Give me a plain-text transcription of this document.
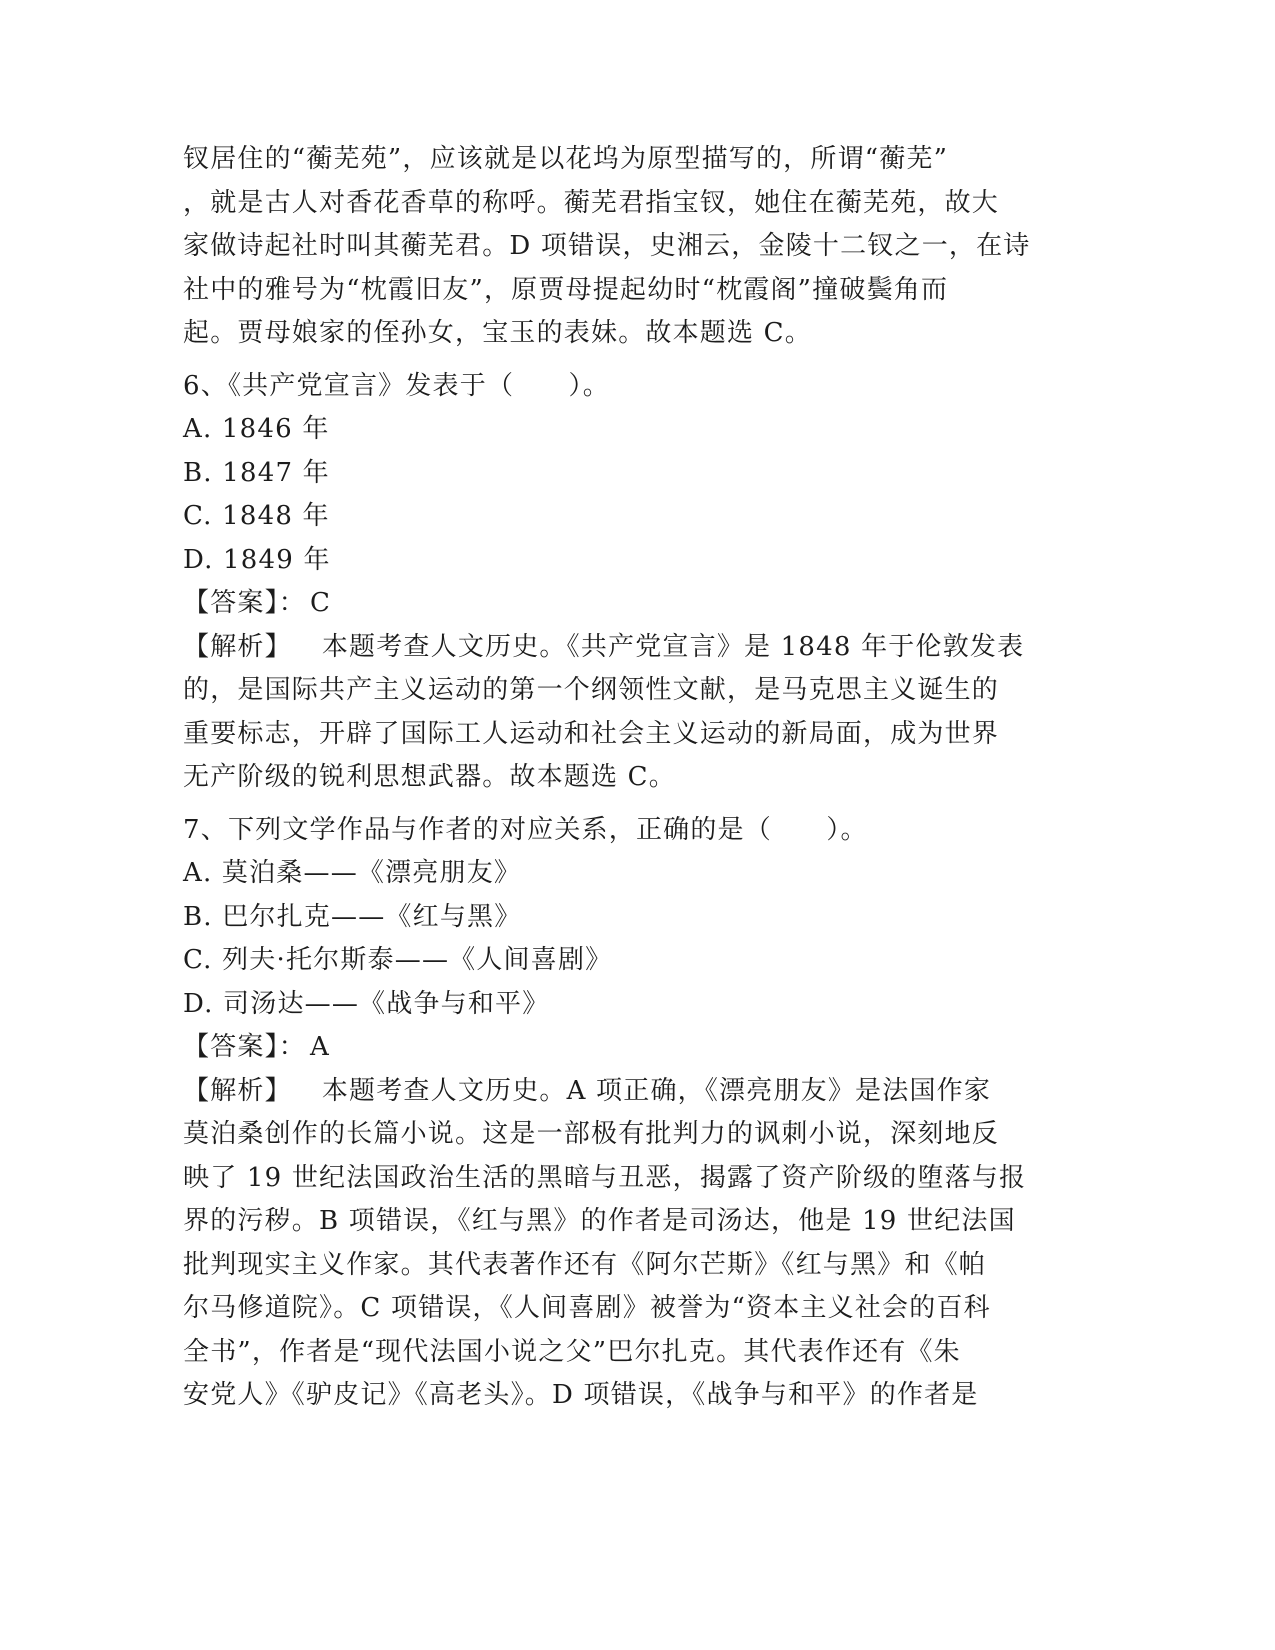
钗居住的“蘅芜苑”，应该就是以花坞为原型描写的，所谓“蘅芜”
，就是古人对香花香草的称呼。蘅芜君指宝钗，她住在蘅芜苑，故大
家做诗起社时叫其蘅芜君。D 项错误，史湘云，金陵十二钗之一，在诗
社中的雅号为“枕霞旧友”，原贾母提起幼时“枕霞阁”撞破鬓角而
起。贾母娘家的侄孙女，宝玉的表妹。故本题选 C。
6、《共产党宣言》发表于（　　）。
A. 1846 年
B. 1847 年
C. 1848 年
D. 1849 年
【答案】： C
【解析】 本题考查人文历史。《共产党宣言》是 1848 年于伦敦发表
的，是国际共产主义运动的第一个纲领性文献，是马克思主义诞生的
重要标志，开辟了国际工人运动和社会主义运动的新局面，成为世界
无产阶级的锐利思想武器。故本题选 C。
7、下列文学作品与作者的对应关系，正确的是（　　）。
A. 莫泊桑——《漂亮朋友》
B. 巴尔扎克——《红与黑》
C. 列夫·托尔斯泰——《人间喜剧》
D. 司汤达——《战争与和平》
【答案】： A
【解析】 本题考查人文历史。A 项正确，《漂亮朋友》是法国作家
莫泊桑创作的长篇小说。这是一部极有批判力的讽刺小说，深刻地反
映了 19 世纪法国政治生活的黑暗与丑恶，揭露了资产阶级的堕落与报
界的污秽。B 项错误，《红与黑》的作者是司汤达，他是 19 世纪法国
批判现实主义作家。其代表著作还有《阿尔芒斯》《红与黑》和《帕
尔马修道院》。C 项错误，《人间喜剧》被誉为“资本主义社会的百科
全书”，作者是“现代法国小说之父”巴尔扎克。其代表作还有《朱
安党人》《驴皮记》《高老头》。D 项错误，《战争与和平》的作者是
